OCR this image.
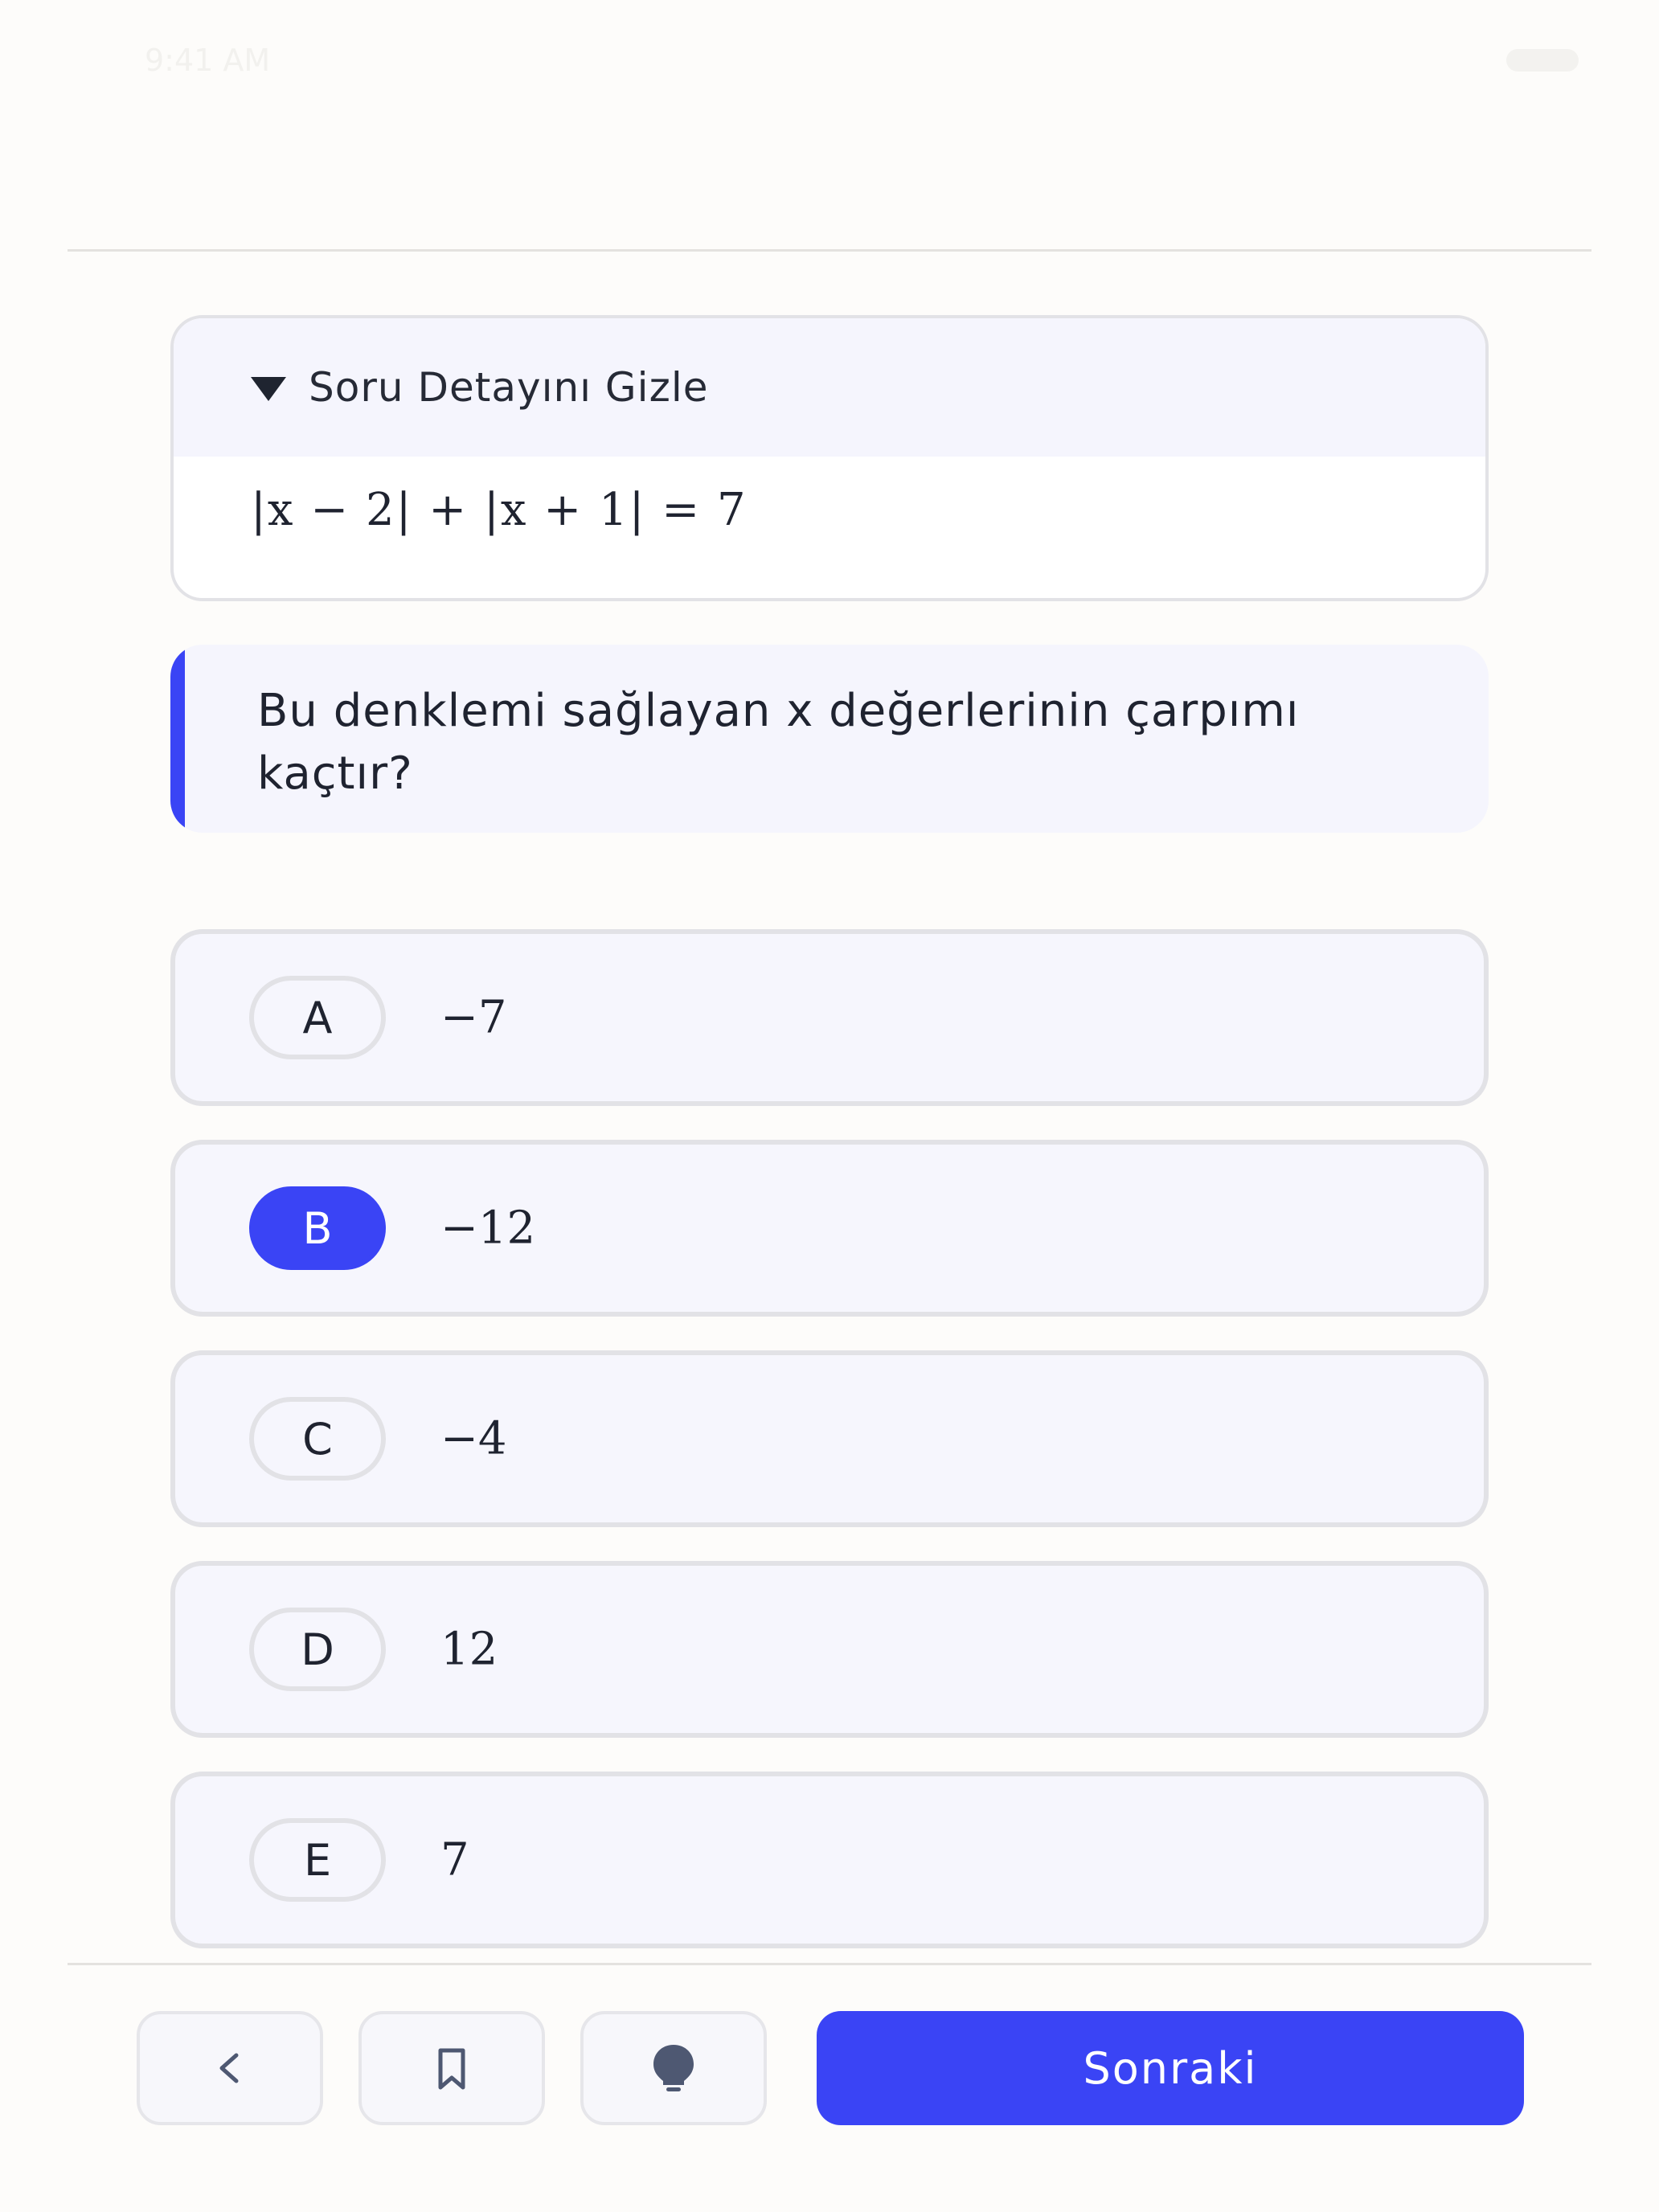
9:41 AM
Soru Detayını Gizle
|x − 2| + |x + 1| = 7
Bu denklemi sağlayan x değerlerinin çarpımı kaçtır?
A	−7
B	−12
C	−4
D	12
E	7
Sonraki
